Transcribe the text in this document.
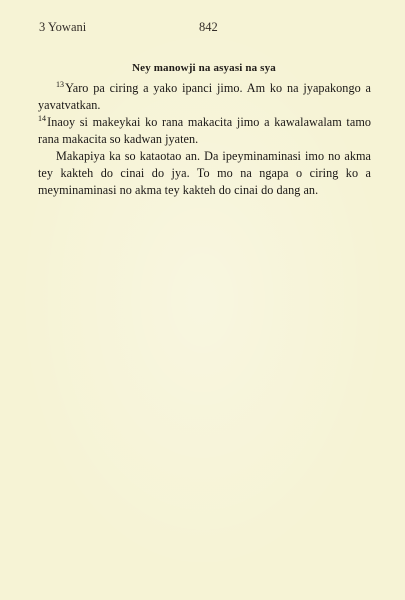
3 Yowani	842
Ney manowji na asyasi na sya

$^{13}$Yaro pa ciring a yako ipanci jimo. Am ko na jyapakongo a yavatvatkan.

$^{14}$Inaoy si makeykai ko rana makacita jimo a kawalawalam tamo rana makacita so kadwan jyaten.

Makapiya ka so kataotao an. Da ipeyminaminasi imo no akma tey kakteh do cinai do jya. To mo na ngapa o ciring ko a meyminaminasi no akma tey kakteh do cinai do dang an.
